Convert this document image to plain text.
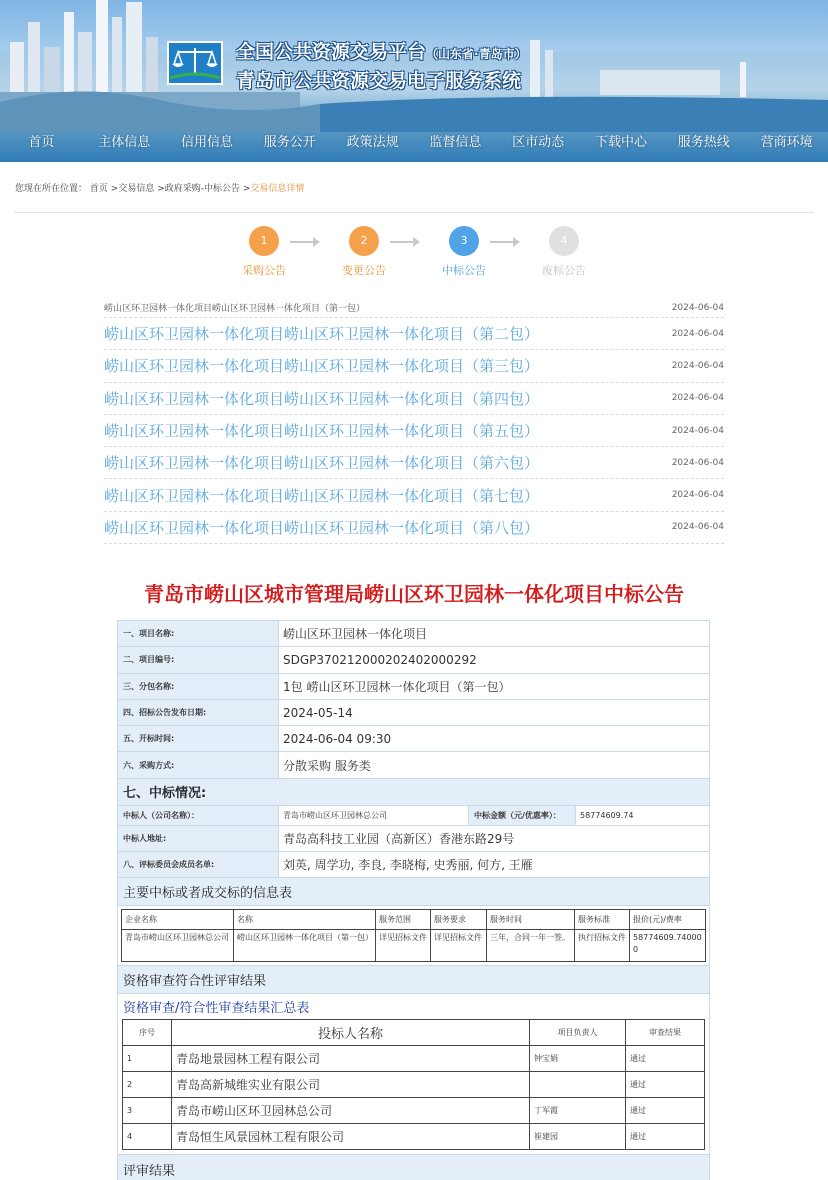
全国公共资源交易平台（山东省·青岛市）
青岛市公共资源交易电子服务系统
首页	主体信息	信用信息	服务公开	政策法规	监督信息	区市动态	下载中心	服务热线	营商环境
您现在所在位置： 首页 >交易信息 >政府采购-中标公告 >交易信息详情
1
采购公告
2
变更公告
3
中标公告
4
废标公告
崂山区环卫园林一体化项目崂山区环卫园林一体化项目（第一包）	2024-06-04
崂山区环卫园林一体化项目崂山区环卫园林一体化项目（第二包）	2024-06-04
崂山区环卫园林一体化项目崂山区环卫园林一体化项目（第三包）	2024-06-04
崂山区环卫园林一体化项目崂山区环卫园林一体化项目（第四包）	2024-06-04
崂山区环卫园林一体化项目崂山区环卫园林一体化项目（第五包）	2024-06-04
崂山区环卫园林一体化项目崂山区环卫园林一体化项目（第六包）	2024-06-04
崂山区环卫园林一体化项目崂山区环卫园林一体化项目（第七包）	2024-06-04
崂山区环卫园林一体化项目崂山区环卫园林一体化项目（第八包）	2024-06-04
青岛市崂山区城市管理局崂山区环卫园林一体化项目中标公告
一、项目名称:	崂山区环卫园林一体化项目
二、项目编号:	SDGP370212000202402000292
三、分包名称:	1包 崂山区环卫园林一体化项目（第一包）
四、招标公告发布日期:	2024-05-14
五、开标时间:	2024-06-04 09:30
六、采购方式:	分散采购 服务类
七、中标情况:
中标人（公司名称）：	青岛市崂山区环卫园林总公司	中标金额（元/优惠率）：	58774609.74
中标人地址:	青岛高科技工业园（高新区）香港东路29号
八、评标委员会成员名单:	刘英, 周学功, 李良, 李晓梅, 史秀丽, 何方, 王雁
主要中标或者成交标的信息表
企业名称	名称	服务范围	服务要求	服务时间	服务标准	报价(元)/费率
青岛市崂山区环卫园林总公司	崂山区环卫园林一体化项目（第一包）	详见招标文件	详见招标文件	三年，合同一年一签。	执行招标文件	58774609.740000
资格审查符合性评审结果
资格审查/符合性审查结果汇总表
序号	投标人名称	项目负责人	审查结果
1	青岛地景园林工程有限公司	钟宝娟	通过
2	青岛高新城维实业有限公司		通过
3	青岛市崂山区环卫园林总公司	丁军霞	通过
4	青岛恒生风景园林工程有限公司	崔建园	通过
评审结果
